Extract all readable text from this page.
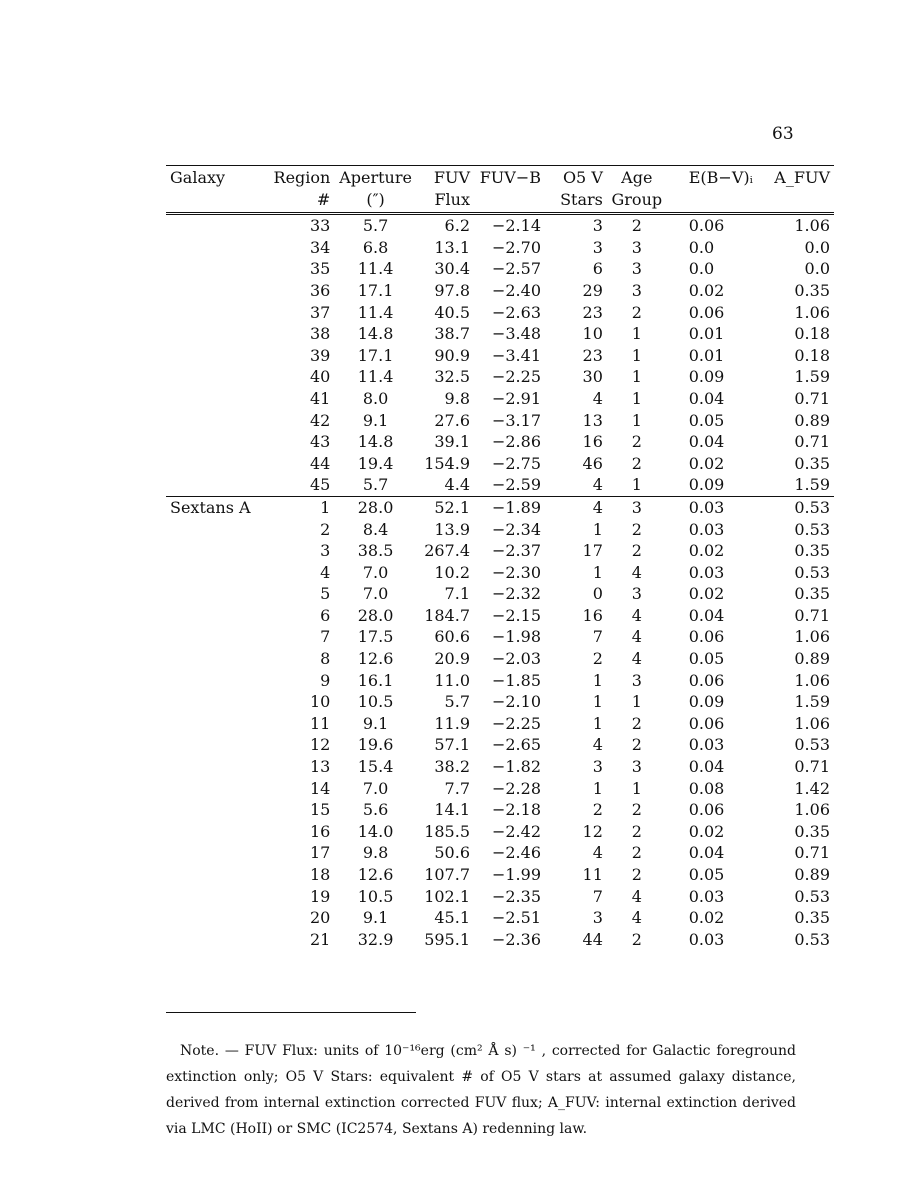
63
Galaxy	Region	Aperture	FUV	FUV−B	O5 V	Age	E(B−V)ᵢ	A_FUV
	#	(″)	Flux		Stars	Group		
	33	5.7	6.2	−2.14	3	2	0.06	1.06
	34	6.8	13.1	−2.70	3	3	0.0	0.0
	35	11.4	30.4	−2.57	6	3	0.0	0.0
	36	17.1	97.8	−2.40	29	3	0.02	0.35
	37	11.4	40.5	−2.63	23	2	0.06	1.06
	38	14.8	38.7	−3.48	10	1	0.01	0.18
	39	17.1	90.9	−3.41	23	1	0.01	0.18
	40	11.4	32.5	−2.25	30	1	0.09	1.59
	41	8.0	9.8	−2.91	4	1	0.04	0.71
	42	9.1	27.6	−3.17	13	1	0.05	0.89
	43	14.8	39.1	−2.86	16	2	0.04	0.71
	44	19.4	154.9	−2.75	46	2	0.02	0.35
	45	5.7	4.4	−2.59	4	1	0.09	1.59
Sextans A	1	28.0	52.1	−1.89	4	3	0.03	0.53
	2	8.4	13.9	−2.34	1	2	0.03	0.53
	3	38.5	267.4	−2.37	17	2	0.02	0.35
	4	7.0	10.2	−2.30	1	4	0.03	0.53
	5	7.0	7.1	−2.32	0	3	0.02	0.35
	6	28.0	184.7	−2.15	16	4	0.04	0.71
	7	17.5	60.6	−1.98	7	4	0.06	1.06
	8	12.6	20.9	−2.03	2	4	0.05	0.89
	9	16.1	11.0	−1.85	1	3	0.06	1.06
	10	10.5	5.7	−2.10	1	1	0.09	1.59
	11	9.1	11.9	−2.25	1	2	0.06	1.06
	12	19.6	57.1	−2.65	4	2	0.03	0.53
	13	15.4	38.2	−1.82	3	3	0.04	0.71
	14	7.0	7.7	−2.28	1	1	0.08	1.42
	15	5.6	14.1	−2.18	2	2	0.06	1.06
	16	14.0	185.5	−2.42	12	2	0.02	0.35
	17	9.8	50.6	−2.46	4	2	0.04	0.71
	18	12.6	107.7	−1.99	11	2	0.05	0.89
	19	10.5	102.1	−2.35	7	4	0.03	0.53
	20	9.1	45.1	−2.51	3	4	0.02	0.35
	21	32.9	595.1	−2.36	44	2	0.03	0.53

Note. — FUV Flux: units of 10⁻¹⁶erg (cm² Å s) ⁻¹ , corrected for Galactic foreground extinction only; O5 V Stars: equivalent # of O5 V stars at assumed galaxy distance, derived from internal extinction corrected FUV flux; A_FUV: internal extinction derived via LMC (HoII) or SMC (IC2574, Sextans A) redenning law.
